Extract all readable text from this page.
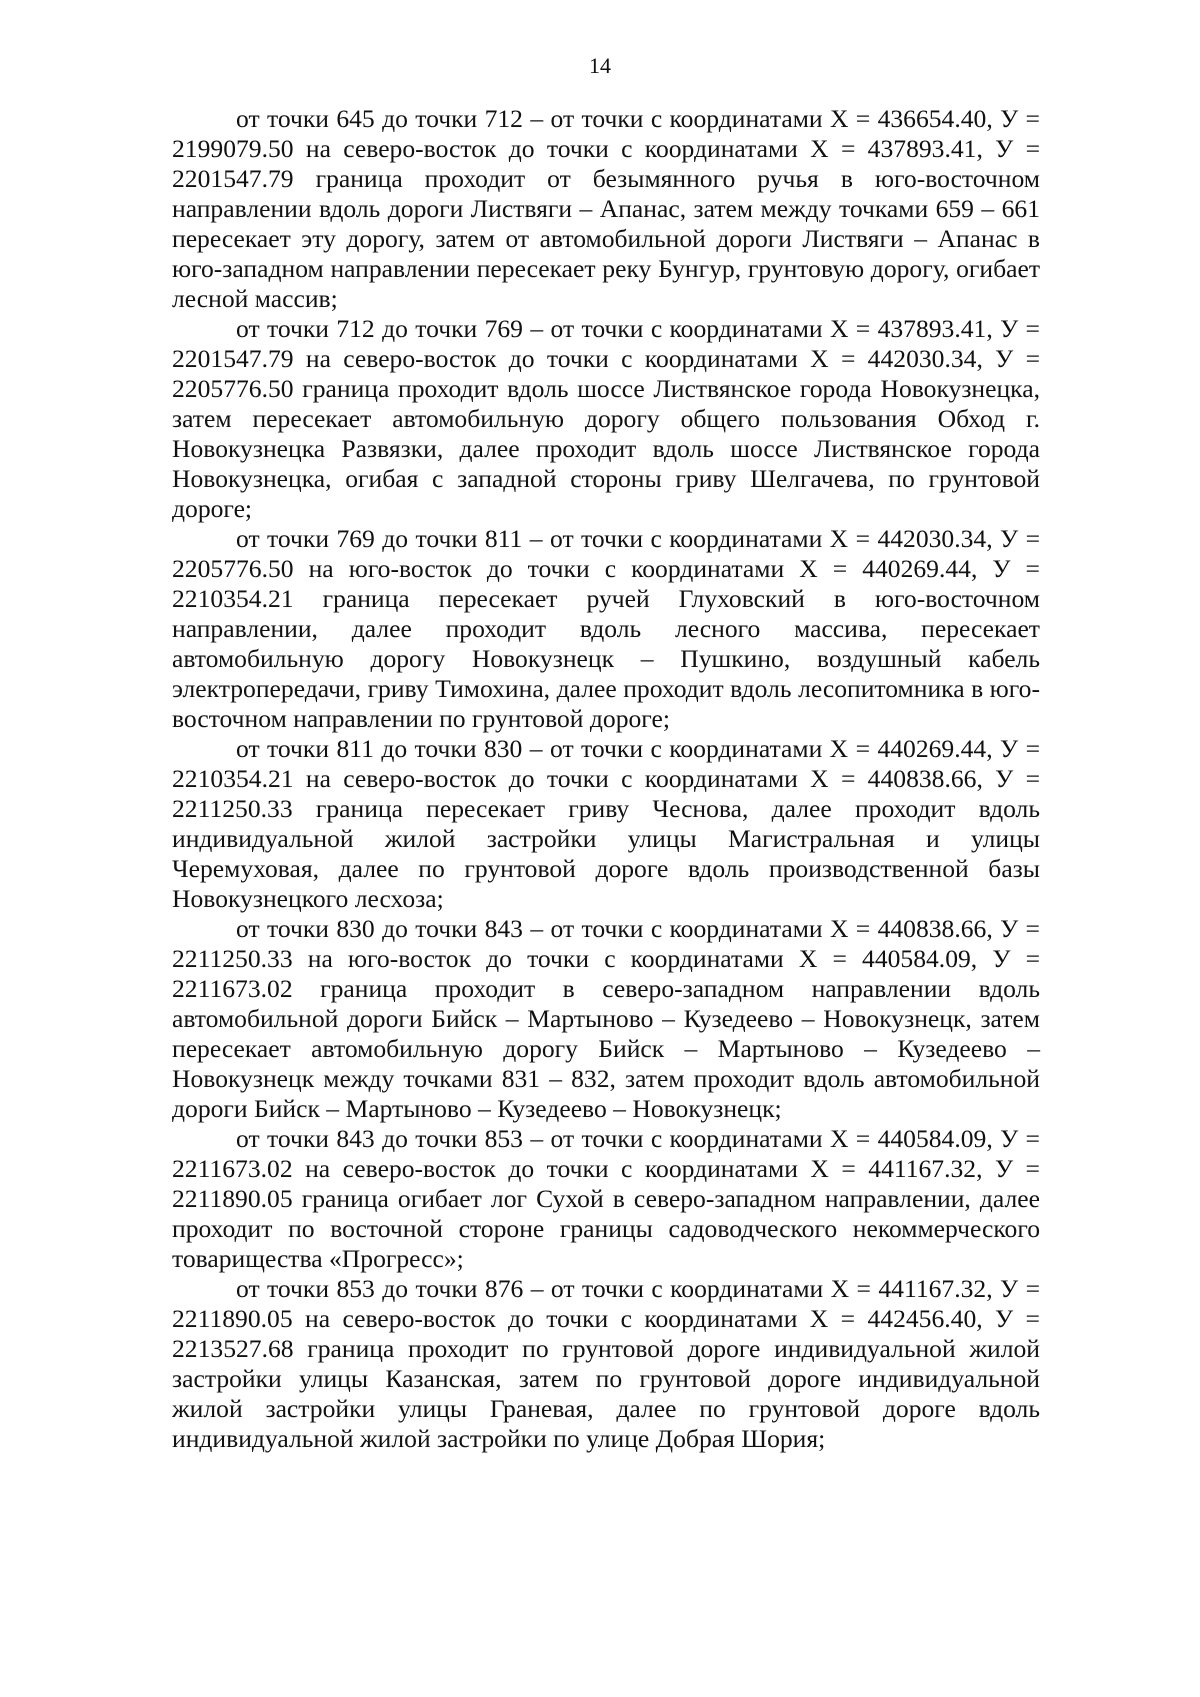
14

от точки 645 до точки 712 – от точки с координатами Х = 436654.40, У = 2199079.50 на северо-восток до точки с координатами Х = 437893.41, У = 2201547.79 граница проходит от безымянного ручья в юго-восточном направлении вдоль дороги Листвяги – Апанас, затем между точками 659 – 661 пересекает эту дорогу, затем от автомобильной дороги Листвяги – Апанас в юго-западном направлении пересекает реку Бунгур, грунтовую дорогу, огибает лесной массив;

от точки 712 до точки 769 – от точки с координатами Х = 437893.41, У = 2201547.79 на северо-восток до точки с координатами Х = 442030.34, У = 2205776.50 граница проходит вдоль шоссе Листвянское города Новокузнецка, затем пересекает автомобильную дорогу общего пользования Обход г. Новокузнецка Развязки, далее проходит вдоль шоссе Листвянское города Новокузнецка, огибая с западной стороны гриву Шелгачева, по грунтовой дороге;

от точки 769 до точки 811 – от точки с координатами Х = 442030.34, У = 2205776.50 на юго-восток до точки с координатами Х = 440269.44, У = 2210354.21 граница пересекает ручей Глуховский в юго-восточном направлении, далее проходит вдоль лесного массива, пересекает автомобильную дорогу Новокузнецк – Пушкино, воздушный кабель электропередачи, гриву Тимохина, далее проходит вдоль лесопитомника в юго-восточном направлении по грунтовой дороге;

от точки 811 до точки 830 – от точки с координатами Х = 440269.44, У = 2210354.21 на северо-восток до точки с координатами Х = 440838.66, У = 2211250.33 граница пересекает гриву Чеснова, далее проходит вдоль индивидуальной жилой застройки улицы Магистральная и улицы Черемуховая, далее по грунтовой дороге вдоль производственной базы Новокузнецкого лесхоза;

от точки 830 до точки 843 – от точки с координатами Х = 440838.66, У = 2211250.33 на юго-восток до точки с координатами Х = 440584.09, У = 2211673.02 граница проходит в северо-западном направлении вдоль автомобильной дороги Бийск – Мартыново – Кузедеево – Новокузнецк, затем пересекает автомобильную дорогу Бийск – Мартыново – Кузедеево – Новокузнецк между точками 831 – 832, затем проходит вдоль автомобильной дороги Бийск – Мартыново – Кузедеево – Новокузнецк;

от точки 843 до точки 853 – от точки с координатами Х = 440584.09, У = 2211673.02 на северо-восток до точки с координатами Х = 441167.32, У = 2211890.05 граница огибает лог Сухой в северо-западном направлении, далее проходит по восточной стороне границы садоводческого некоммерческого товарищества «Прогресс»;

от точки 853 до точки 876 – от точки с координатами Х = 441167.32, У = 2211890.05 на северо-восток до точки с координатами Х = 442456.40, У = 2213527.68 граница проходит по грунтовой дороге индивидуальной жилой застройки улицы Казанская, затем по грунтовой дороге индивидуальной жилой застройки улицы Граневая, далее по грунтовой дороге вдоль индивидуальной жилой застройки по улице Добрая Шория;
